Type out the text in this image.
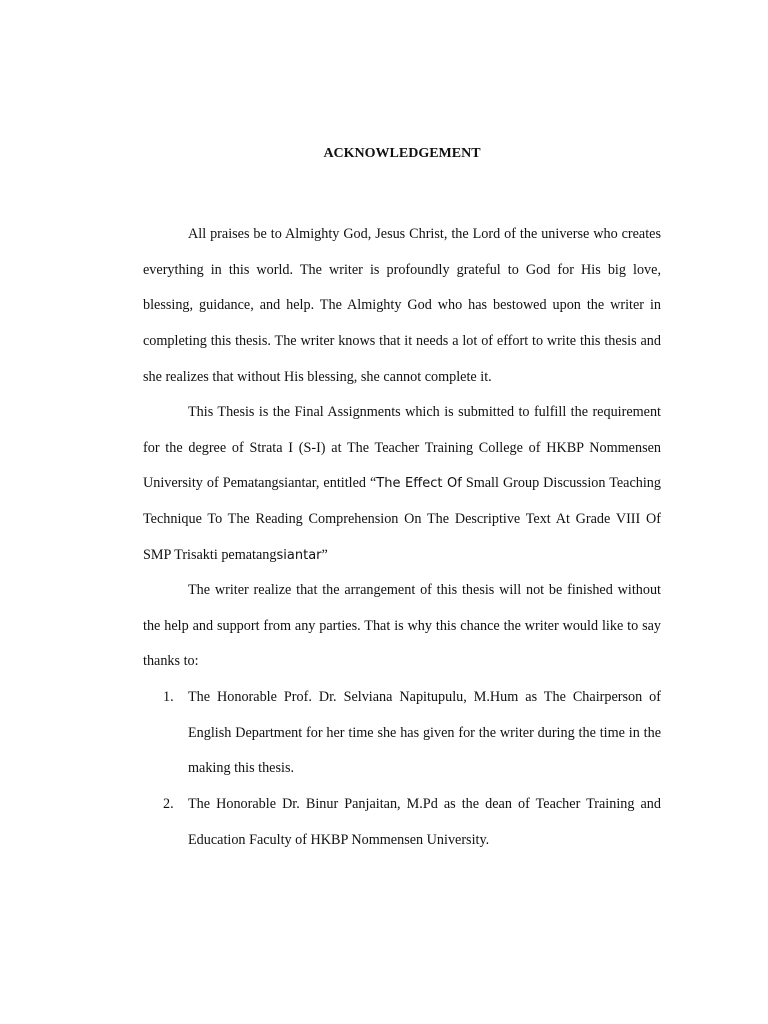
ACKNOWLEDGEMENT

All praises be to Almighty God, Jesus Christ, the Lord of the universe who creates everything in this world. The writer is profoundly grateful to God for His big love, blessing, guidance, and help. The Almighty God who has bestowed upon the writer in completing this thesis. The writer knows that it needs a lot of effort to write this thesis and she realizes that without His blessing, she cannot complete it.

This Thesis is the Final Assignments which is submitted to fulfill the requirement for the degree of Strata I (S-I) at The Teacher Training College of HKBP Nommensen University of Pematangsiantar, entitled “The Effect Of Small Group Discussion Teaching Technique To The Reading Comprehension On The Descriptive Text At Grade VIII Of SMP Trisakti pematangsiantar”

The writer realize that the arrangement of this thesis will not be finished without the help and support from any parties. That is why this chance the writer would like to say thanks to:

1. The Honorable Prof. Dr. Selviana Napitupulu, M.Hum as The Chairperson of English Department for her time she has given for the writer during the time in the making this thesis.

2. The Honorable Dr. Binur Panjaitan, M.Pd as the dean of Teacher Training and Education Faculty of HKBP Nommensen University.
